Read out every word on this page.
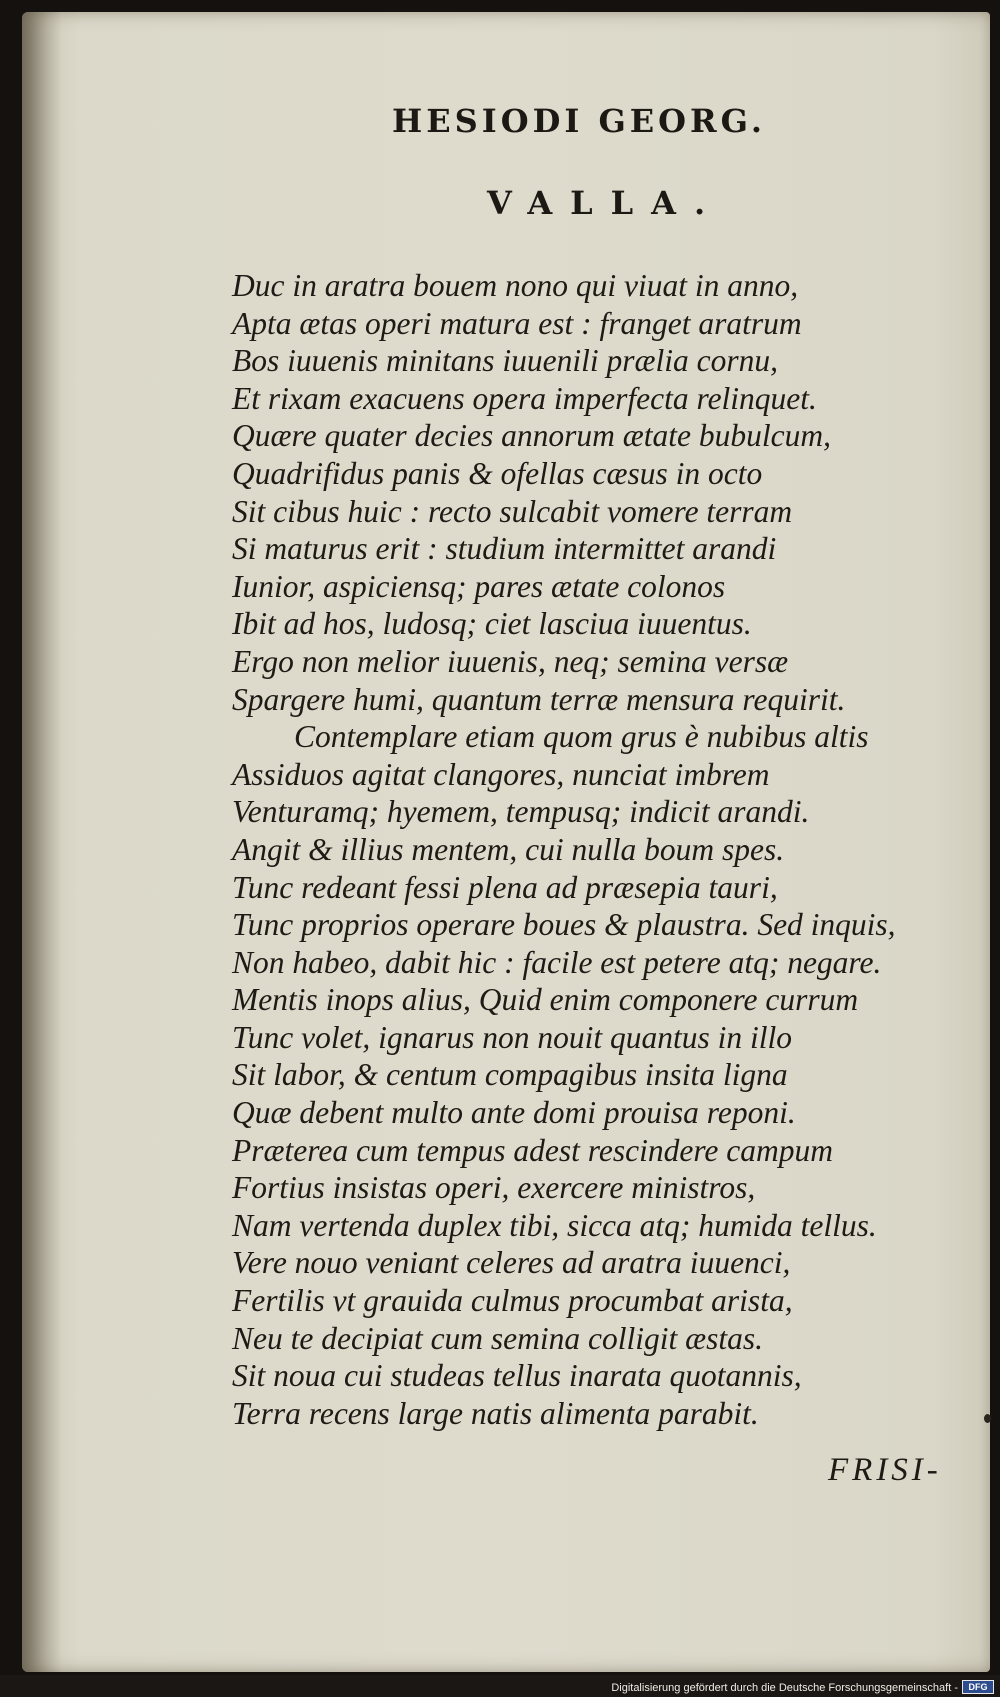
HESIODI GEORG.
VALLA.
Duc in aratra bouem nono qui viuat in anno,
Apta ætas operi matura est : franget aratrum
Bos iuuenis minitans iuuenili prælia cornu,
Et rixam exacuens opera imperfecta relinquet.
Quære quater decies annorum ætate bubulcum,
Quadrifidus panis & ofellas cæsus in octo
Sit cibus huic : recto sulcabit vomere terram
Si maturus erit : studium intermittet arandi
Iunior, aspiciensq; pares ætate colonos
Ibit ad hos, ludosq; ciet lasciua iuuentus.
Ergo non melior iuuenis, neq; semina versæ
Spargere humi, quantum terræ mensura requirit.
Contemplare etiam quom grus è nubibus altis
Assiduos agitat clangores, nunciat imbrem
Venturamq; hyemem, tempusq; indicit arandi.
Angit & illius mentem, cui nulla boum spes.
Tunc redeant fessi plena ad præsepia tauri,
Tunc proprios operare boues & plaustra. Sed inquis,
Non habeo, dabit hic : facile est petere atq; negare.
Mentis inops alius, Quid enim componere currum
Tunc volet, ignarus non nouit quantus in illo
Sit labor, & centum compagibus insita ligna
Quæ debent multo ante domi prouisa reponi.
Præterea cum tempus adest rescindere campum
Fortius insistas operi, exercere ministros,
Nam vertenda duplex tibi, sicca atq; humida tellus.
Vere nouo veniant celeres ad aratra iuuenci,
Fertilis vt grauida culmus procumbat arista,
Neu te decipiat cum semina colligit æstas.
Sit noua cui studeas tellus inarata quotannis,
Terra recens large natis alimenta parabit.
FRISI-
Digitalisierung gefördert durch die Deutsche Forschungsgemeinschaft -	DFG
